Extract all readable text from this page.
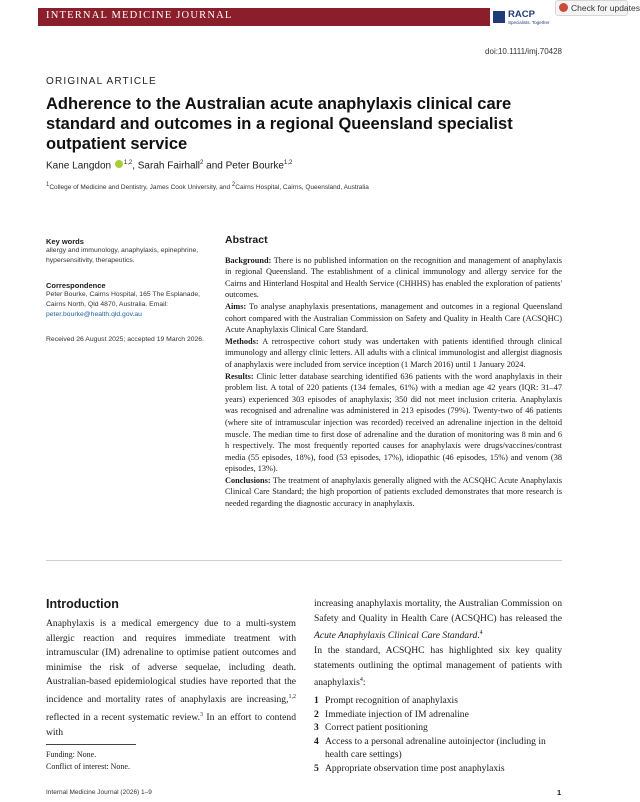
INTERNAL MEDICINE JOURNAL	RACP
Specialists. Together
Check for updates
doi:10.1111/imj.70428
ORIGINAL ARTICLE
Adherence to the Australian acute anaphylaxis clinical care standard and outcomes in a regional Queensland specialist outpatient service
Kane Langdon $^{1,2}$, Sarah Fairhall$^2$ and Peter Bourke$^{1,2}$
$^1$College of Medicine and Dentistry, James Cook University, and $^2$Cairns Hospital, Cairns, Queensland, Australia

Key words

allergy and immunology, anaphylaxis, epinephrine, hypersensitivity, therapeutics.

Correspondence

Peter Bourke, Cairns Hospital, 165 The Esplanade, Cairns North, Qld 4870, Australia. Email: peter.bourke@health.qld.gov.au

Received 26 August 2025; accepted 19 March 2026.

Abstract

Background: There is no published information on the recognition and management of anaphylaxis in regional Queensland. The establishment of a clinical immunology and allergy service for the Cairns and Hinterland Hospital and Health Service (CHHHS) has enabled the exploration of patients' outcomes.

Aims: To analyse anaphylaxis presentations, management and outcomes in a regional Queensland cohort compared with the Australian Commission on Safety and Quality in Health Care (ACSQHC) Acute Anaphylaxis Clinical Care Standard.

Methods: A retrospective cohort study was undertaken with patients identified through clinical immunology and allergy clinic letters. All adults with a clinical immunologist and allergist diagnosis of anaphylaxis were included from service inception (1 March 2016) until 1 January 2024.

Results: Clinic letter database searching identified 636 patients with the word anaphylaxis in their problem list. A total of 220 patients (134 females, 61%) with a median age 42 years (IQR: 31–47 years) experienced 303 episodes of anaphylaxis; 350 did not meet inclusion criteria. Anaphylaxis was recognised and adrenaline was administered in 213 episodes (79%). Twenty-two of 46 patients (where site of intramuscular injection was recorded) received an adrenaline injection in the deltoid muscle. The median time to first dose of adrenaline and the duration of monitoring was 8 min and 6 h respectively. The most frequently reported causes for anaphylaxis were drugs/vaccines/contrast media (55 episodes, 18%), food (53 episodes, 17%), idiopathic (46 episodes, 15%) and venom (38 episodes, 13%).

Conclusions: The treatment of anaphylaxis generally aligned with the ACSQHC Acute Anaphylaxis Clinical Care Standard; the high proportion of patients excluded demonstrates that more research is needed regarding the diagnostic accuracy in anaphylaxis.

Introduction

Anaphylaxis is a medical emergency due to a multi-system allergic reaction and requires immediate treatment with intramuscular (IM) adrenaline to optimise patient outcomes and minimise the risk of adverse sequelae, including death. Australian-based epidemiological studies have reported that the incidence and mortality rates of anaphylaxis are increasing,$^{1,2}$ reflected in a recent systematic review.$^3$ In an effort to contend with

increasing anaphylaxis mortality, the Australian Commission on Safety and Quality in Health Care (ACSQHC) has released the Acute Anaphylaxis Clinical Care Standard.$^4$

In the standard, ACSQHC has highlighted six key quality statements outlining the optimal management of patients with anaphylaxis$^4$:

1 Prompt recognition of anaphylaxis
2 Immediate injection of IM adrenaline
3 Correct patient positioning
4 Access to a personal adrenaline autoinjector (including in health care settings)
5 Appropriate observation time post anaphylaxis
Funding: None.
Conflict of interest: None.
Internal Medicine Journal (2026) 1–9	1
